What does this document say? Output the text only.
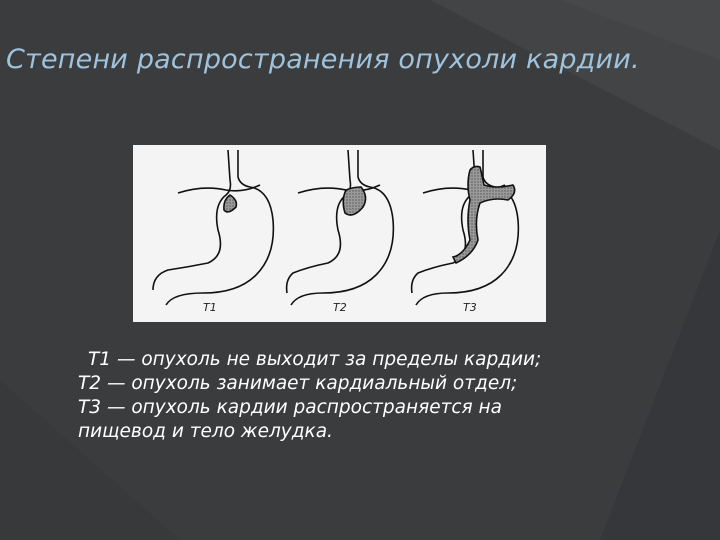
Степени распространения опухоли кардии.
Т1	Т2	Т3
Т1 — опухоль не выходит за пределы кардии;
Т2 — опухоль занимает кардиальный отдел;
Т3 — опухоль кардии распространяется на
пищевод и тело желудка.
